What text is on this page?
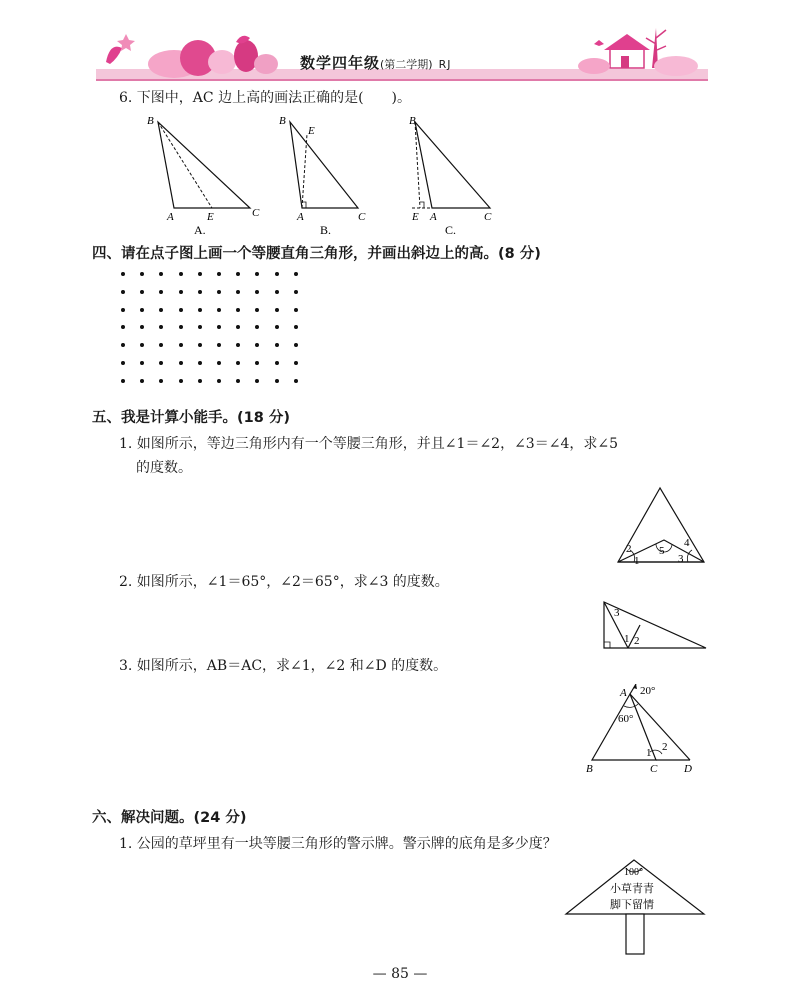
数学四年级(第二学期) RJ
6. 下图中，AC 边上高的画法正确的是(　　)。
B
A	E	C
A.
B
E
A	C
B.
B
E A	C
C.
四、请在点子图上画一个等腰直角三角形，并画出斜边上的高。(8 分)
五、我是计算小能手。(18 分)
1. 如图所示，等边三角形内有一个等腰三角形，并且∠1＝∠2，∠3＝∠4，求∠5
的度数。
2
1
5
4
3
2. 如图所示，∠1＝65°，∠2＝65°，求∠3 的度数。
3
1 2
3. 如图所示，AB＝AC，求∠1，∠2 和∠D 的度数。
A 20°
60°
1 2
B	C D
六、解决问题。(24 分)
1. 公园的草坪里有一块等腰三角形的警示牌。警示牌的底角是多少度？
100°
小草青青
脚下留情
— 85 —
